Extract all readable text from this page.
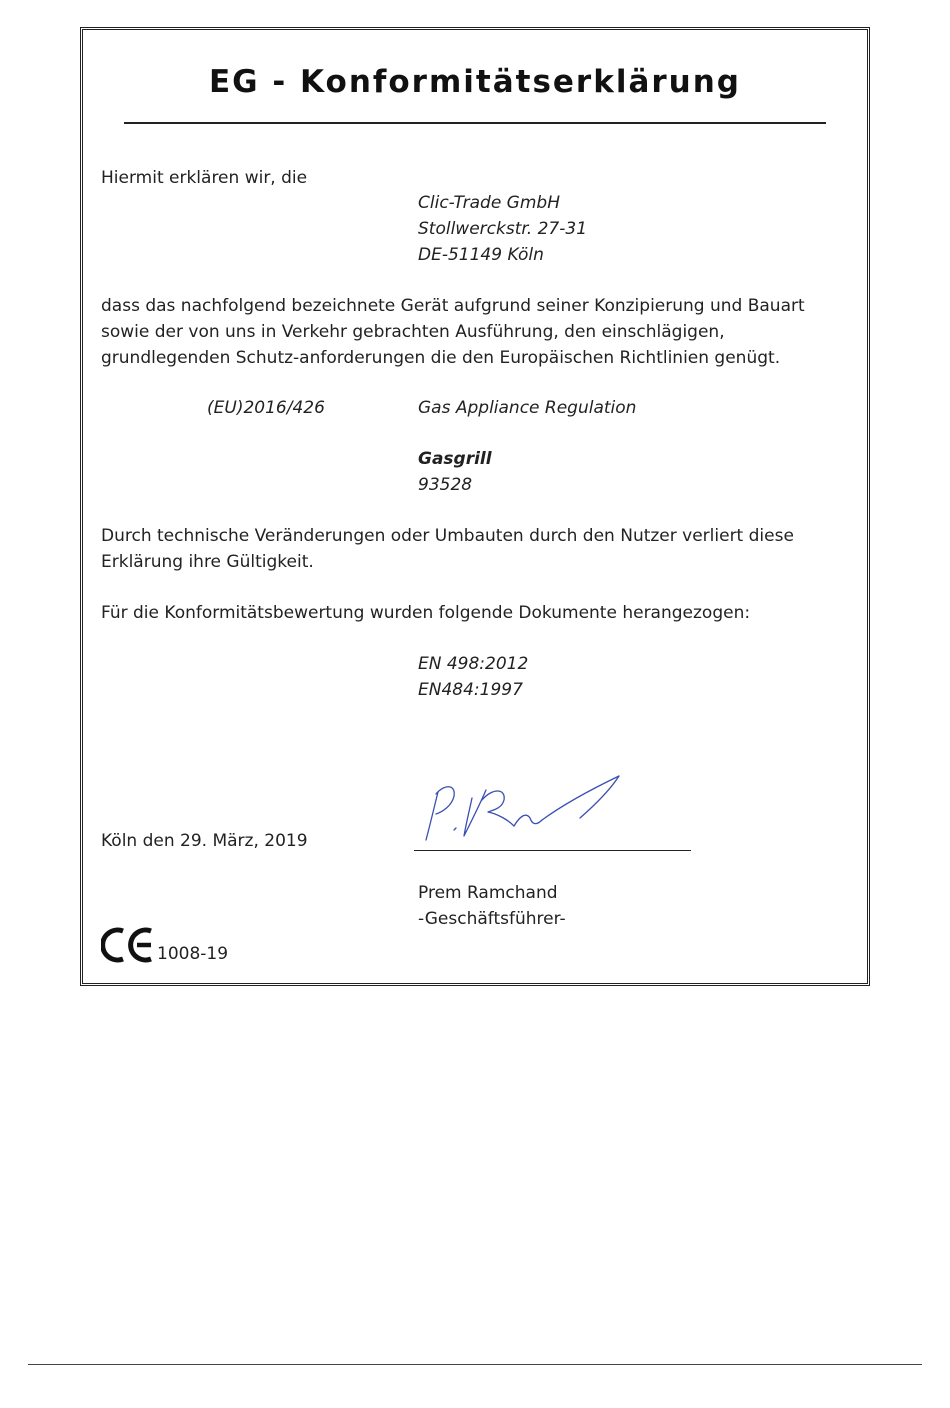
EG - Konformitätserklärung
Hiermit erklären wir, die
Clic-Trade GmbH
Stollwerckstr. 27-31
DE-51149 Köln
dass das nachfolgend bezeichnete Gerät aufgrund seiner Konzipierung und Bauart sowie der von uns in Verkehr gebrachten Ausführung, den einschlägigen, grundlegenden Schutz-anforderungen die den Europäischen Richtlinien genügt.
(EU)2016/426	Gas Appliance Regulation
Gasgrill
93528
Durch technische Veränderungen oder Umbauten durch den Nutzer verliert diese Erklärung ihre Gültigkeit.
Für die Konformitätsbewertung wurden folgende Dokumente herangezogen:
EN 498:2012
EN484:1997
Köln den 29. März, 2019
Prem Ramchand
-Geschäftsführer-
1008-19
